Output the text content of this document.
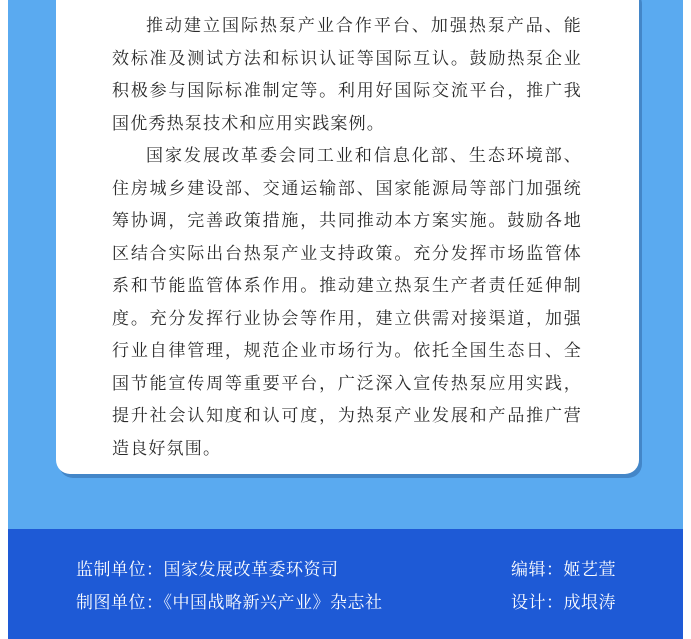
推动建立国际热泵产业合作平台、加强热泵产品、能效标准及测试方法和标识认证等国际互认。鼓励热泵企业积极参与国际标准制定等。利用好国际交流平台，推广我国优秀热泵技术和应用实践案例。

国家发展改革委会同工业和信息化部、生态环境部、住房城乡建设部、交通运输部、国家能源局等部门加强统筹协调，完善政策措施，共同推动本方案实施。鼓励各地区结合实际出台热泵产业支持政策。充分发挥市场监管体系和节能监管体系作用。推动建立热泵生产者责任延伸制度。充分发挥行业协会等作用，建立供需对接渠道，加强行业自律管理，规范企业市场行为。依托全国生态日、全国节能宣传周等重要平台，广泛深入宣传热泵应用实践，提升社会认知度和认可度，为热泵产业发展和产品推广营造良好氛围。

监制单位：国家发展改革委环资司
制图单位：《中国战略新兴产业》杂志社
编辑：姬艺萱
设计：成垠涛
